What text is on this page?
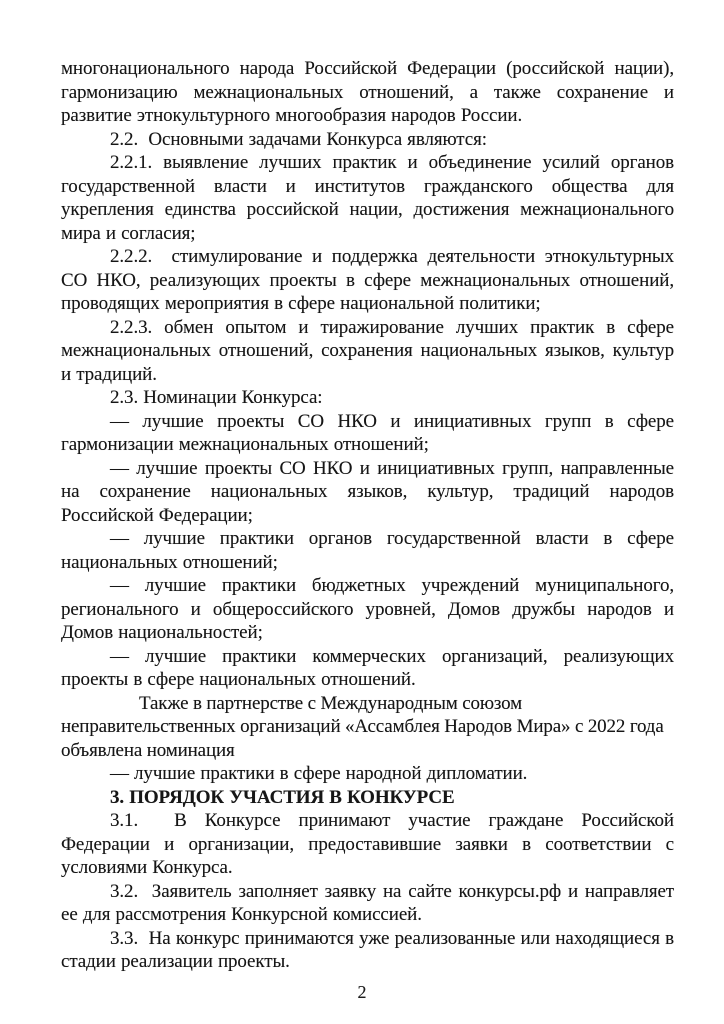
многонационального народа Российской Федерации (российской нации), гармонизацию межнациональных отношений, а также сохранение и развитие этнокультурного многообразия народов России.

2.2.  Основными задачами Конкурса являются:

2.2.1. выявление лучших практик и объединение усилий органов государственной власти и институтов гражданского общества для укрепления единства российской нации, достижения межнационального мира и согласия;

2.2.2.  стимулирование и поддержка деятельности этнокультурных СО НКО, реализующих проекты в сфере межнациональных отношений, проводящих мероприятия в сфере национальной политики;

2.2.3. обмен опытом и тиражирование лучших практик в сфере межнациональных отношений, сохранения национальных языков, культур и традиций.

2.3. Номинации Конкурса:

— лучшие проекты СО НКО и инициативных групп в сфере гармонизации межнациональных отношений;

— лучшие проекты СО НКО и инициативных групп, направленные на сохранение национальных языков, культур, традиций народов Российской Федерации;

— лучшие практики органов государственной власти в сфере национальных отношений;

— лучшие практики бюджетных учреждений муниципального, регионального и общероссийского уровней, Домов дружбы народов и Домов национальностей;

— лучшие практики коммерческих организаций, реализующих проекты в сфере национальных отношений.

Также в партнерстве с Международным союзом неправительственных организаций «Ассамблея Народов Мира» с 2022 года объявлена номинация

— лучшие практики в сфере народной дипломатии.

3. ПОРЯДОК УЧАСТИЯ В КОНКУРСЕ

3.1.  В Конкурсе принимают участие граждане Российской Федерации и организации, предоставившие заявки в соответствии с условиями Конкурса.

3.2.  Заявитель заполняет заявку на сайте конкурсы.рф и направляет ее для рассмотрения Конкурсной комиссией.

3.3.  На конкурс принимаются уже реализованные или находящиеся в стадии реализации проекты.

2
